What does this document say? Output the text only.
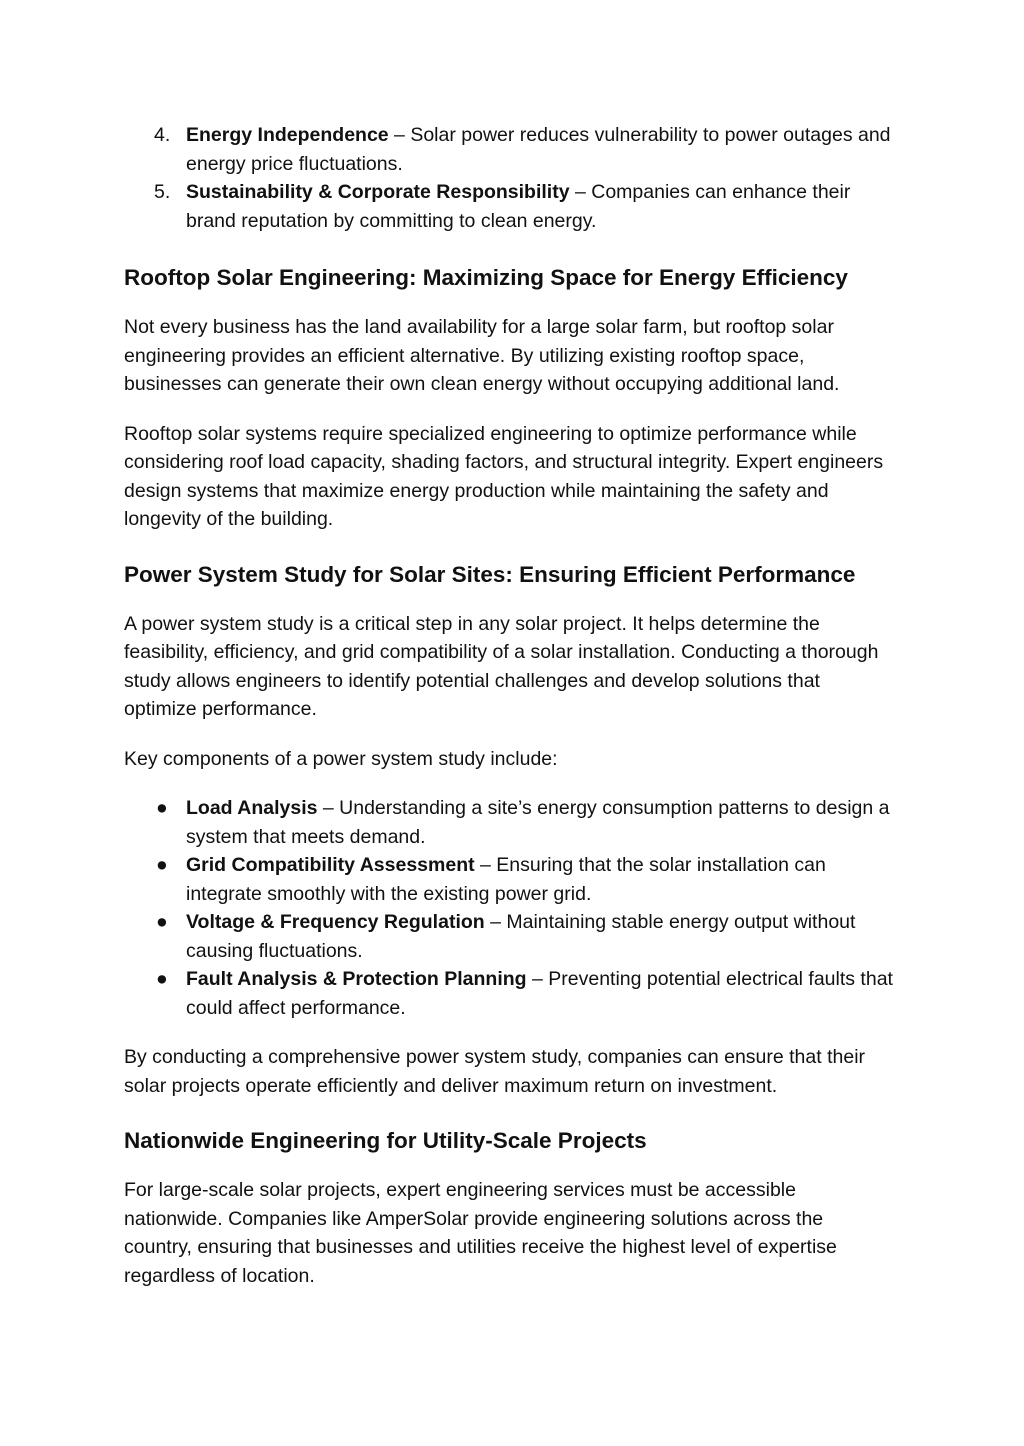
4. Energy Independence – Solar power reduces vulnerability to power outages and energy price fluctuations.
5. Sustainability & Corporate Responsibility – Companies can enhance their brand reputation by committing to clean energy.
Rooftop Solar Engineering: Maximizing Space for Energy Efficiency

Not every business has the land availability for a large solar farm, but rooftop solar engineering provides an efficient alternative. By utilizing existing rooftop space, businesses can generate their own clean energy without occupying additional land.

Rooftop solar systems require specialized engineering to optimize performance while considering roof load capacity, shading factors, and structural integrity. Expert engineers design systems that maximize energy production while maintaining the safety and longevity of the building.

Power System Study for Solar Sites: Ensuring Efficient Performance

A power system study is a critical step in any solar project. It helps determine the feasibility, efficiency, and grid compatibility of a solar installation. Conducting a thorough study allows engineers to identify potential challenges and develop solutions that optimize performance.

Key components of a power system study include:

● Load Analysis – Understanding a site’s energy consumption patterns to design a system that meets demand.
● Grid Compatibility Assessment – Ensuring that the solar installation can integrate smoothly with the existing power grid.
● Voltage & Frequency Regulation – Maintaining stable energy output without causing fluctuations.
● Fault Analysis & Protection Planning – Preventing potential electrical faults that could affect performance.

By conducting a comprehensive power system study, companies can ensure that their solar projects operate efficiently and deliver maximum return on investment.

Nationwide Engineering for Utility-Scale Projects

For large-scale solar projects, expert engineering services must be accessible nationwide. Companies like AmperSolar provide engineering solutions across the country, ensuring that businesses and utilities receive the highest level of expertise regardless of location.
